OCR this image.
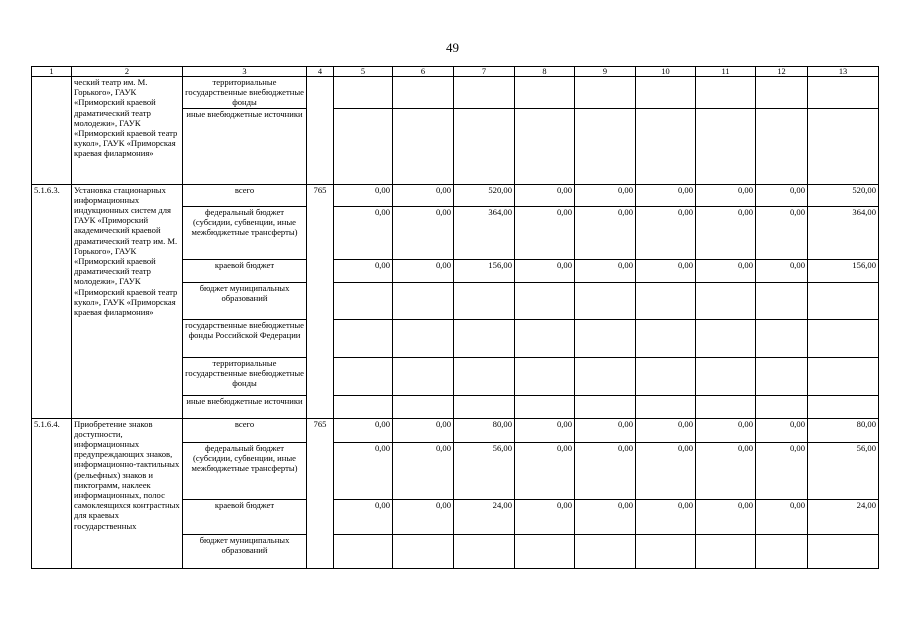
49
1	2	3	4	5	6	7	8	9	10	11	12	13
	ческий театр им. М. Горького», ГАУК «Приморский краевой драматический театр молодежи», ГАУК «Приморский краевой театр кукол», ГАУК «Приморская краевая филармония»	территориальные государственные внебюджетные фонды										
		иные внебюджетные источники										
5.1.6.3.	Установка стационарных информационных индукционных систем для ГАУК «Приморский академический краевой драматический театр им. М. Горького», ГАУК «Приморский краевой драматический театр молодежи», ГАУК «Приморский краевой театр кукол», ГАУК «Приморская краевая филармония»	всего	765	0,00	0,00	520,00	0,00	0,00	0,00	0,00	0,00	520,00
		федеральный бюджет (субсидии, субвенции, иные межбюджетные трансферты)		0,00	0,00	364,00	0,00	0,00	0,00	0,00	0,00	364,00
		краевой бюджет		0,00	0,00	156,00	0,00	0,00	0,00	0,00	0,00	156,00
		бюджет муниципальных образований										
		государственные внебюджетные фонды Российской Федерации										
		территориальные государственные внебюджетные фонды										
		иные внебюджетные источники										
5.1.6.4.	Приобретение знаков доступности, информационных предупреждающих знаков, информационно-тактильных (рельефных) знаков и пиктограмм, наклеек информационных, полос самоклеящихся контрастных для краевых государственных	всего	765	0,00	0,00	80,00	0,00	0,00	0,00	0,00	0,00	80,00
		федеральный бюджет (субсидии, субвенции, иные межбюджетные трансферты)		0,00	0,00	56,00	0,00	0,00	0,00	0,00	0,00	56,00
		краевой бюджет		0,00	0,00	24,00	0,00	0,00	0,00	0,00	0,00	24,00
		бюджет муниципальных образований										
